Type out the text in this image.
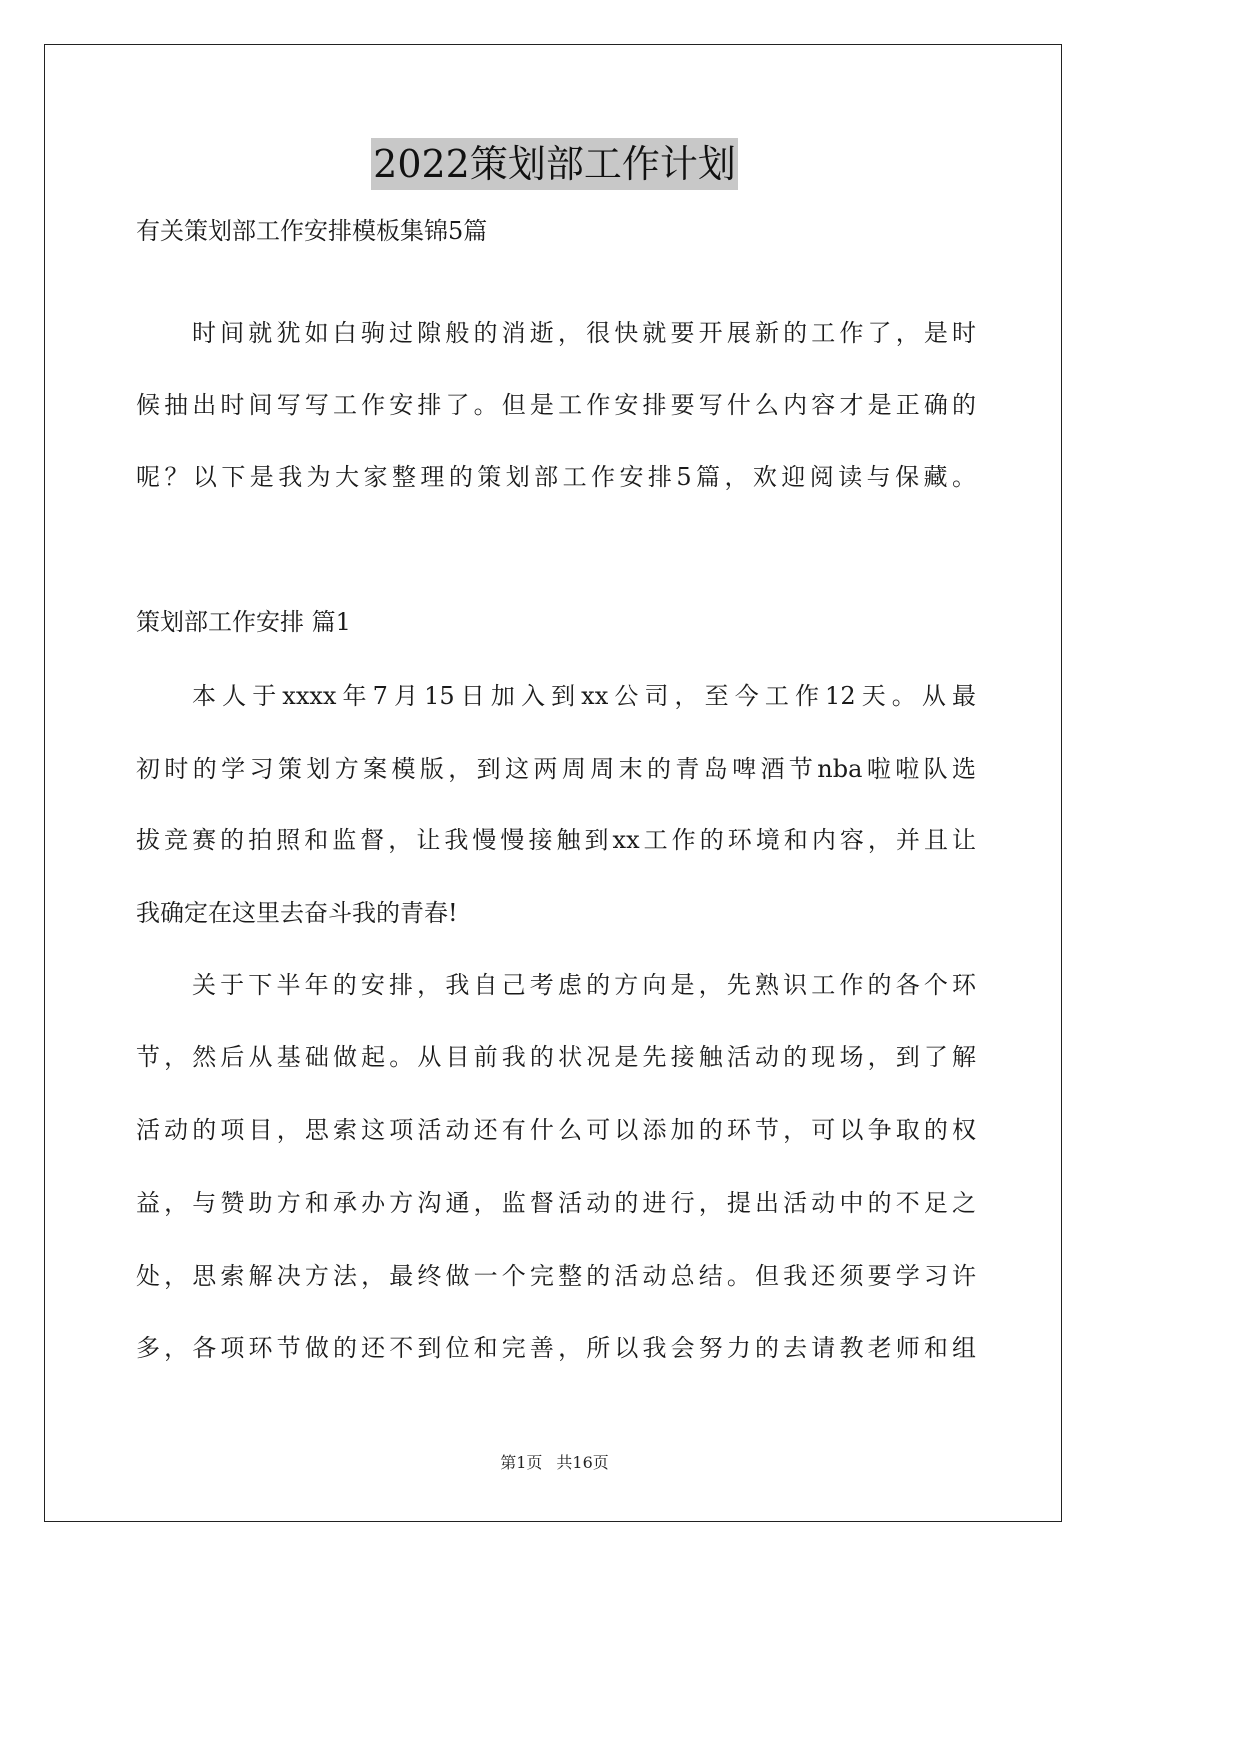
2022策划部工作计划
有关策划部工作安排模板集锦5篇
时间就犹如白驹过隙般的消逝，很快就要开展新的工作了，是时
候抽出时间写写工作安排了。但是工作安排要写什么内容才是正确的
呢？以下是我为大家整理的策划部工作安排5篇，欢迎阅读与保藏。
策划部工作安排 篇1
本人于xxxx年7月15日加入到xx公司，至今工作12天。从最
初时的学习策划方案模版，到这两周周末的青岛啤酒节nba啦啦队选
拔竞赛的拍照和监督，让我慢慢接触到xx工作的环境和内容，并且让
我确定在这里去奋斗我的青春!
关于下半年的安排，我自己考虑的方向是，先熟识工作的各个环
节，然后从基础做起。从目前我的状况是先接触活动的现场，到了解
活动的项目，思索这项活动还有什么可以添加的环节，可以争取的权
益，与赞助方和承办方沟通，监督活动的进行，提出活动中的不足之
处，思索解决方法，最终做一个完整的活动总结。但我还须要学习许
多，各项环节做的还不到位和完善，所以我会努力的去请教老师和组
第1页 共16页
